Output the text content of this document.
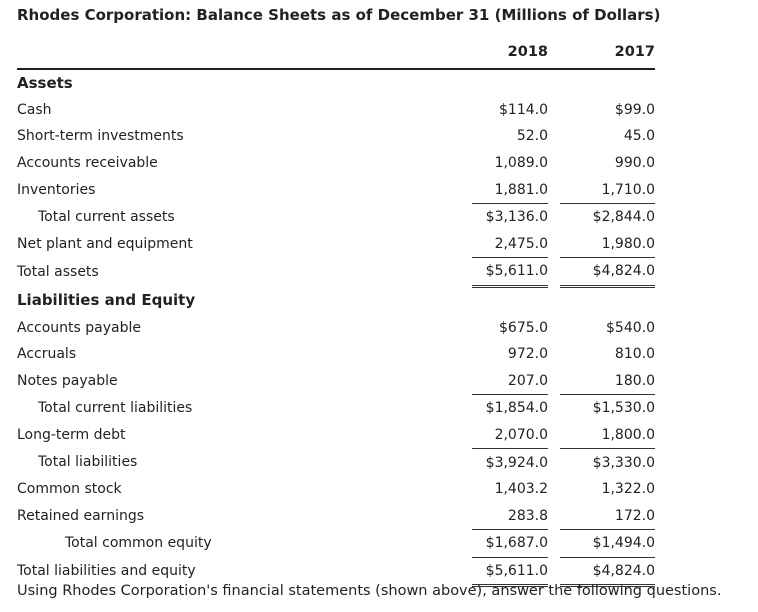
Rhodes Corporation: Balance Sheets as of December 31 (Millions of Dollars)
	2018		2017
Assets			
Cash	$114.0		$99.0
Short-term investments	52.0		45.0
Accounts receivable	1,089.0		990.0
Inventories	1,881.0		1,710.0
Total current assets	$3,136.0		$2,844.0
Net plant and equipment	2,475.0		1,980.0
Total assets	$5,611.0		$4,824.0
Liabilities and Equity			
Accounts payable	$675.0		$540.0
Accruals	972.0		810.0
Notes payable	207.0		180.0
Total current liabilities	$1,854.0		$1,530.0
Long-term debt	2,070.0		1,800.0
Total liabilities	$3,924.0		$3,330.0
Common stock	1,403.2		1,322.0
Retained earnings	283.8		172.0
Total common equity	$1,687.0		$1,494.0
Total liabilities and equity	$5,611.0		$4,824.0
Using Rhodes Corporation's financial statements (shown above), answer the following questions.
